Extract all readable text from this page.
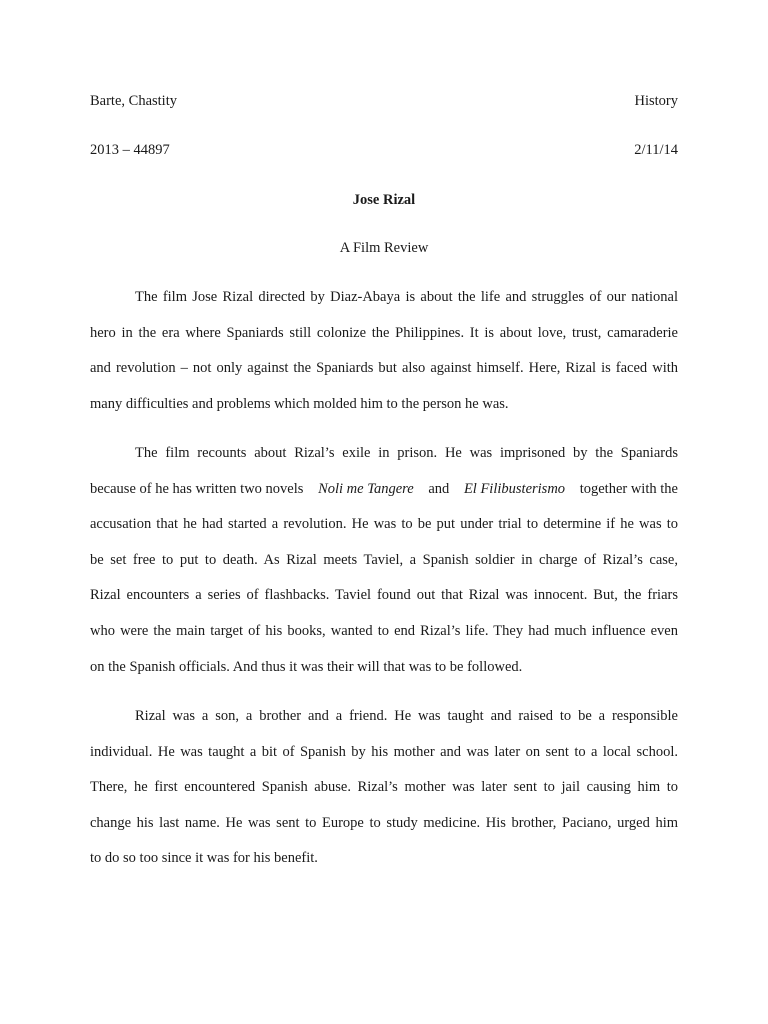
Barte, Chastity	History
2013 – 44897	2/11/14
Jose Rizal
A Film Review
The film Jose Rizal directed by Diaz-Abaya is about the life and struggles of our national
hero in the era where Spaniards still colonize the Philippines. It is about love, trust, camaraderie
and revolution – not only against the Spaniards but also against himself. Here, Rizal is faced with
many difficulties and problems which molded him to the person he was.
The film recounts about Rizal’s exile in prison. He was imprisoned by the Spaniards
because of he has written two novels Noli me Tangere and El Filibusterismo together with the
accusation that he had started a revolution. He was to be put under trial to determine if he was to
be set free to put to death. As Rizal meets Taviel, a Spanish soldier in charge of Rizal’s case,
Rizal encounters a series of flashbacks. Taviel found out that Rizal was innocent. But, the friars
who were the main target of his books, wanted to end Rizal’s life. They had much influence even
on the Spanish officials. And thus it was their will that was to be followed.
Rizal was a son, a brother and a friend. He was taught and raised to be a responsible
individual. He was taught a bit of Spanish by his mother and was later on sent to a local school.
There, he first encountered Spanish abuse. Rizal’s mother was later sent to jail causing him to
change his last name. He was sent to Europe to study medicine. His brother, Paciano, urged him
to do so too since it was for his benefit.
